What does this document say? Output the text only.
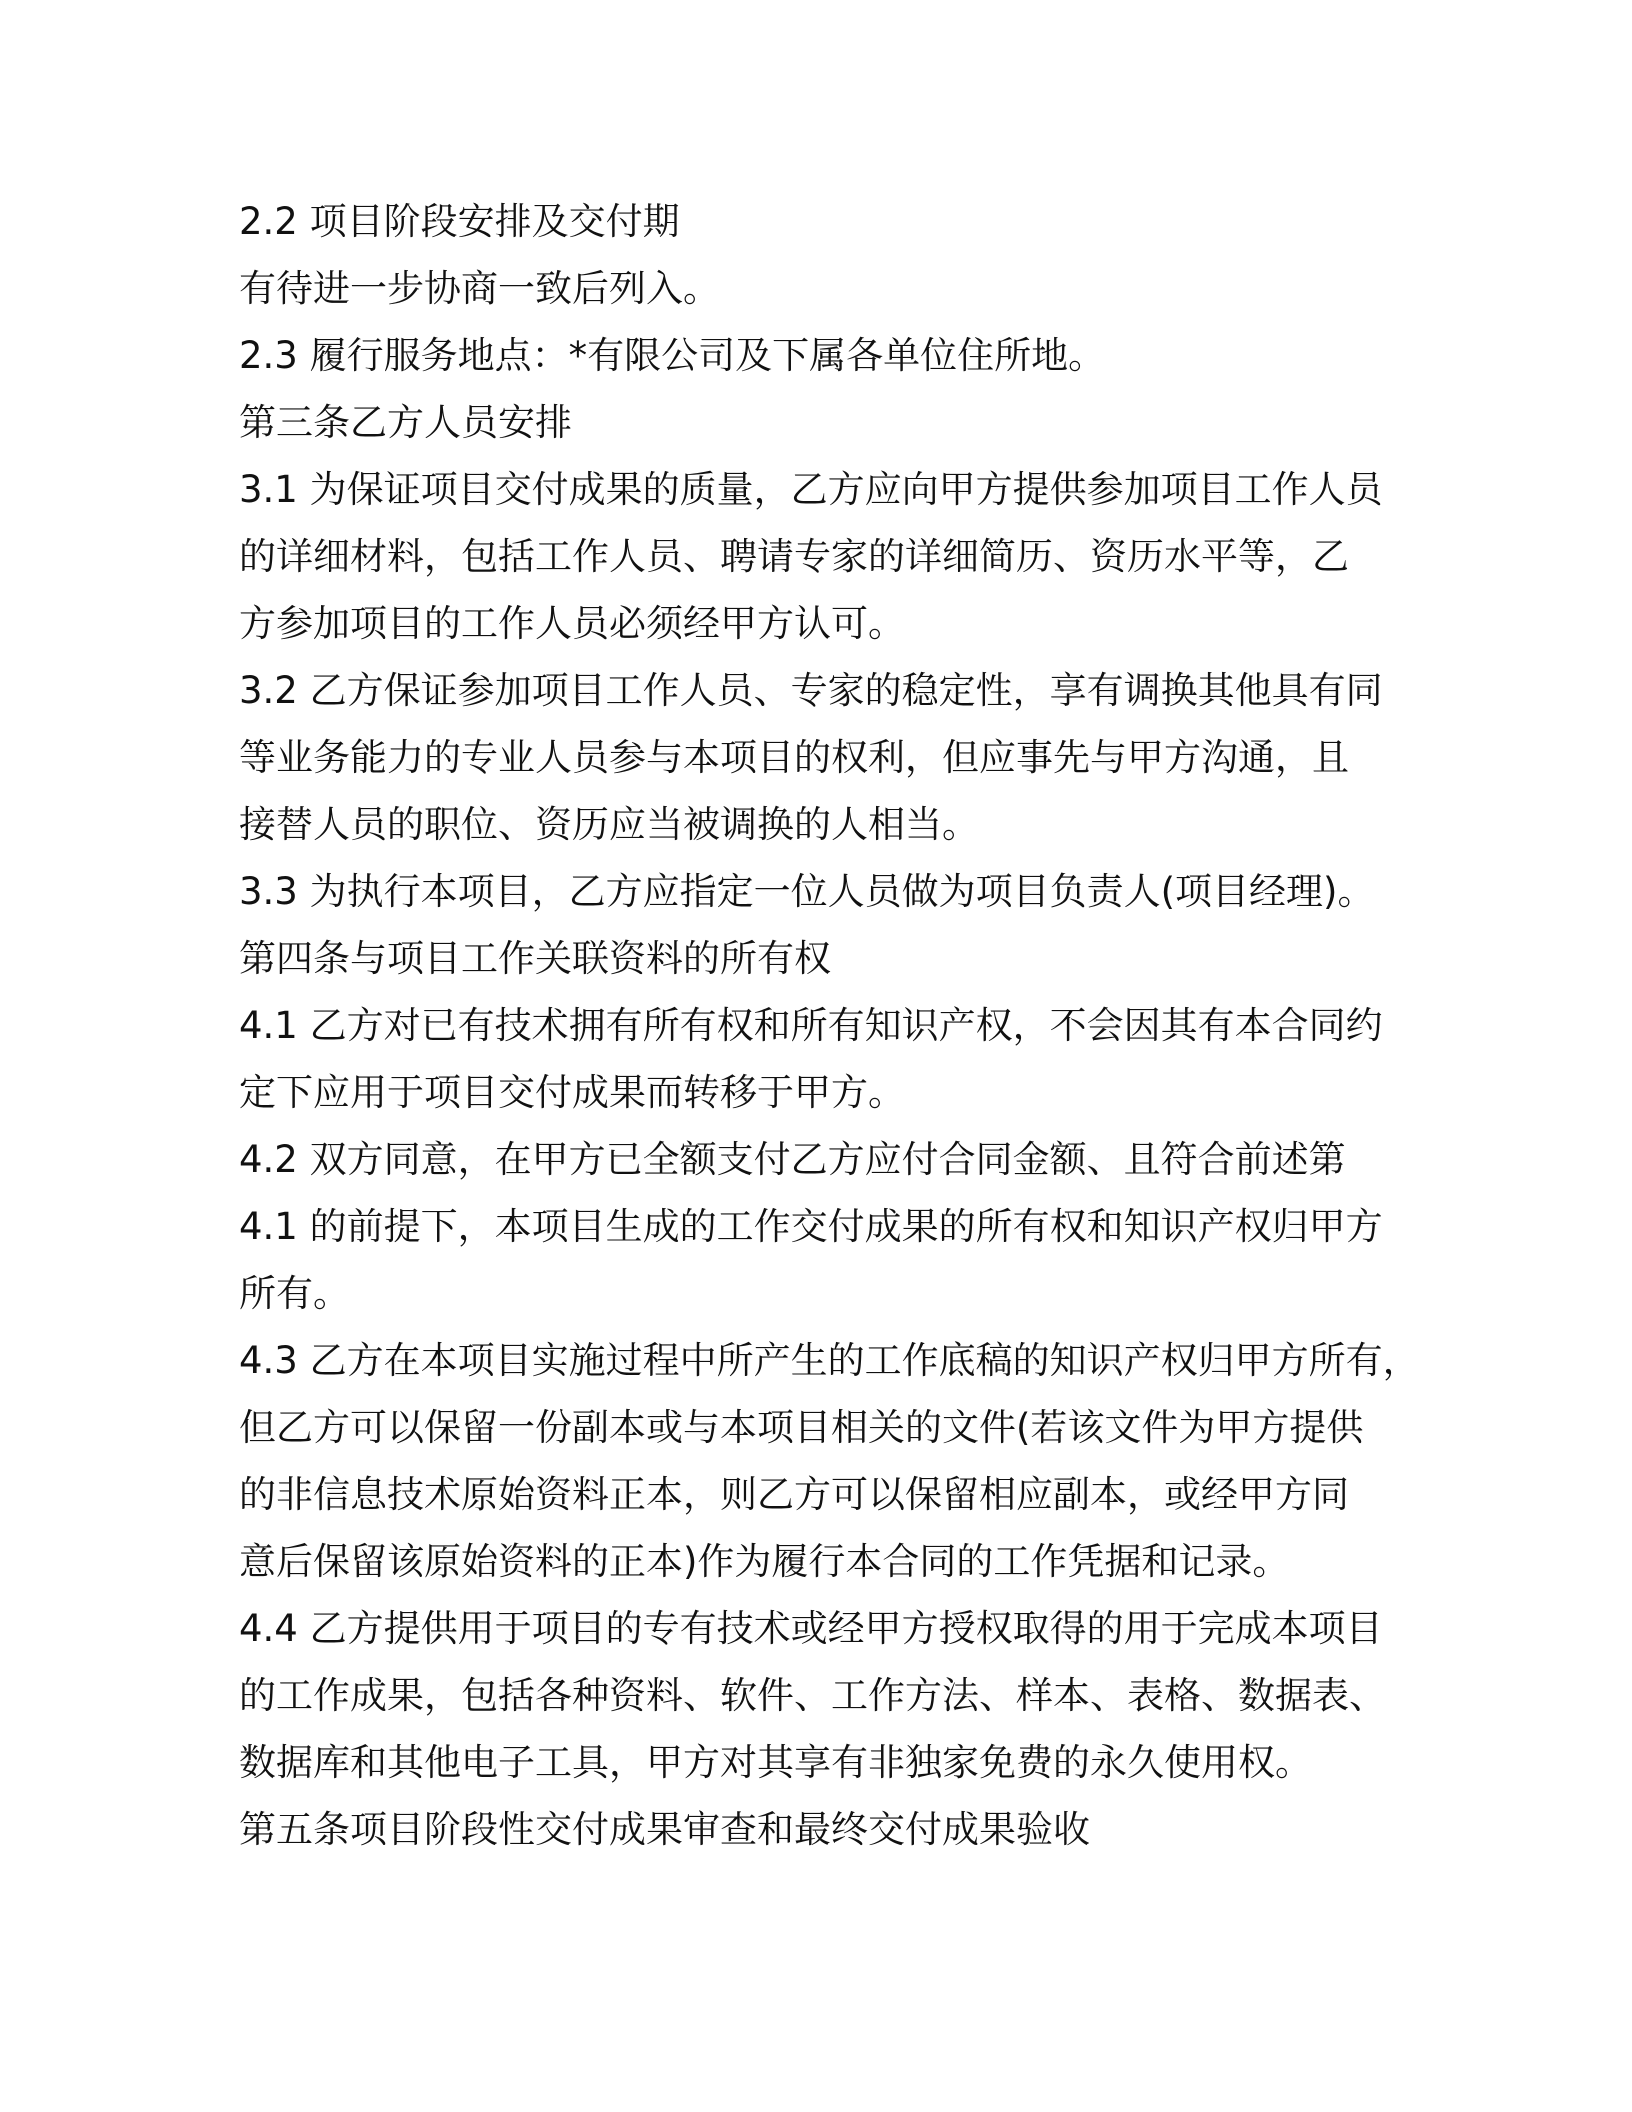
2.2 项目阶段安排及交付期
有待进一步协商一致后列入。
2.3 履行服务地点：*有限公司及下属各单位住所地。
第三条乙方人员安排
3.1 为保证项目交付成果的质量，乙方应向甲方提供参加项目工作人员
的详细材料，包括工作人员、聘请专家的详细简历、资历水平等，乙
方参加项目的工作人员必须经甲方认可。
3.2 乙方保证参加项目工作人员、专家的稳定性，享有调换其他具有同
等业务能力的专业人员参与本项目的权利，但应事先与甲方沟通，且
接替人员的职位、资历应当被调换的人相当。
3.3 为执行本项目，乙方应指定一位人员做为项目负责人(项目经理)。
第四条与项目工作关联资料的所有权
4.1 乙方对已有技术拥有所有权和所有知识产权，不会因其有本合同约
定下应用于项目交付成果而转移于甲方。
4.2 双方同意，在甲方已全额支付乙方应付合同金额、且符合前述第
4.1 的前提下，本项目生成的工作交付成果的所有权和知识产权归甲方
所有。
4.3 乙方在本项目实施过程中所产生的工作底稿的知识产权归甲方所有，
但乙方可以保留一份副本或与本项目相关的文件(若该文件为甲方提供
的非信息技术原始资料正本，则乙方可以保留相应副本，或经甲方同
意后保留该原始资料的正本)作为履行本合同的工作凭据和记录。
4.4 乙方提供用于项目的专有技术或经甲方授权取得的用于完成本项目
的工作成果，包括各种资料、软件、工作方法、样本、表格、数据表、
数据库和其他电子工具，甲方对其享有非独家免费的永久使用权。
第五条项目阶段性交付成果审查和最终交付成果验收
